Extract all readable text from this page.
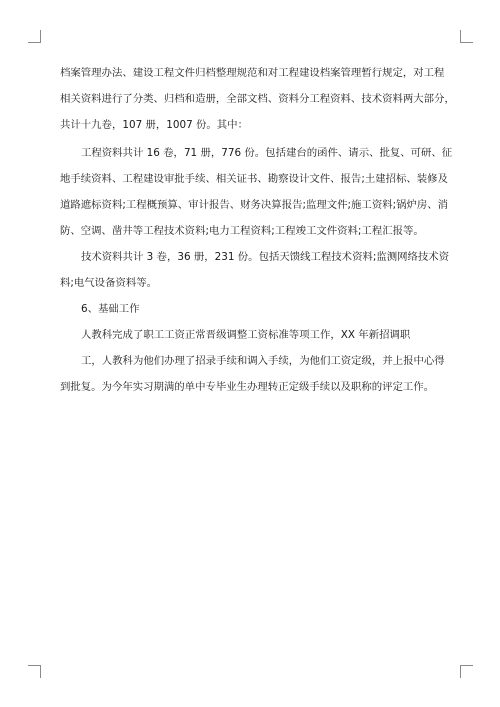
档案管理办法、建设工程文件归档整理规范和对工程建设档案管理暂行规定，对工程
相关资料进行了分类、归档和造册，全部文档、资料分工程资料、技术资料两大部分，
共计十九卷，107 册，1007 份。其中：
工程资料共计 16 卷，71 册，776 份。包括建台的函件、请示、批复、可研、征
地手续资料、工程建设审批手续、相关证书、勘察设计文件、报告;土建招标、装修及
道路遮标资料;工程概预算、审计报告、财务决算报告;监理文件;施工资料;锅炉房、消
防、空调、凿井等工程技术资料;电力工程资料;工程竣工文件资料;工程汇报等。
技术资料共计 3 卷，36 册，231 份。包括天馈线工程技术资料;监测网络技术资
料;电气设备资料等。
6、基础工作
人教科完成了职工工资正常晋级调整工资标准等项工作，XX 年新招调职
工，人教科为他们办理了招录手续和调入手续，为他们工资定级，并上报中心得
到批复。为今年实习期满的单中专毕业生办理转正定级手续以及职称的评定工作。
